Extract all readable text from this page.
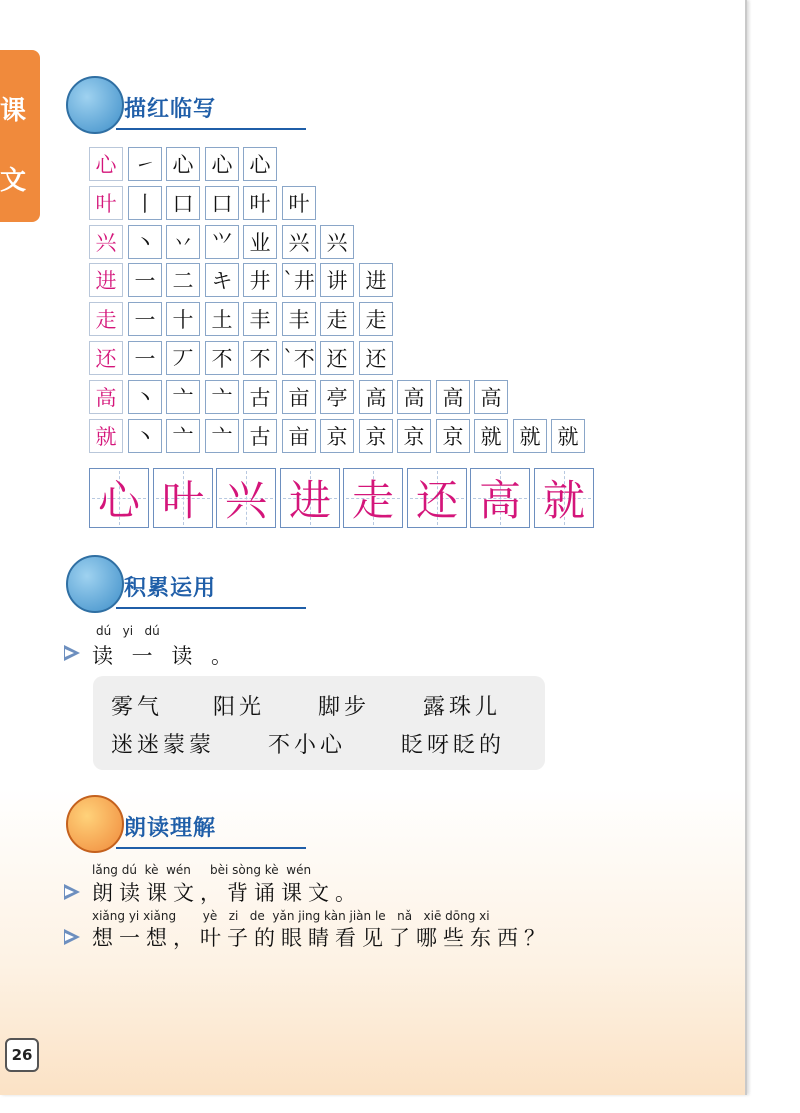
课
文
描红临写
心 ㇀ 心 心 心
叶 丨 口 口 叶 叶
兴 丶 丷 ⺍ 业 兴 兴
进 一 二 キ 井 `井 讲 进
走 一 十 土 丰 丰 走 走
还 一 丆 不 不 `不 还 还
高 丶 亠 亠 古 亩 亭 高 高 高 高
就 丶 亠 亠 古 亩 京 京 京 京 就 就 就
心 叶 兴 进 走 还 高 就
积累运用
dú   yi   dú
读 一 读 。
雾气 阳光 脚步 露珠儿
迷迷蒙蒙 不小心 眨呀眨的
朗读理解
lǎng dú  kè  wén     bèi sòng kè  wén
朗读课文，背诵课文。
xiǎng yi xiǎng       yè   zi   de  yǎn jing kàn jiàn le   nǎ   xiē dōng xi
想一想，叶子的眼睛看见了哪些东西？
26
